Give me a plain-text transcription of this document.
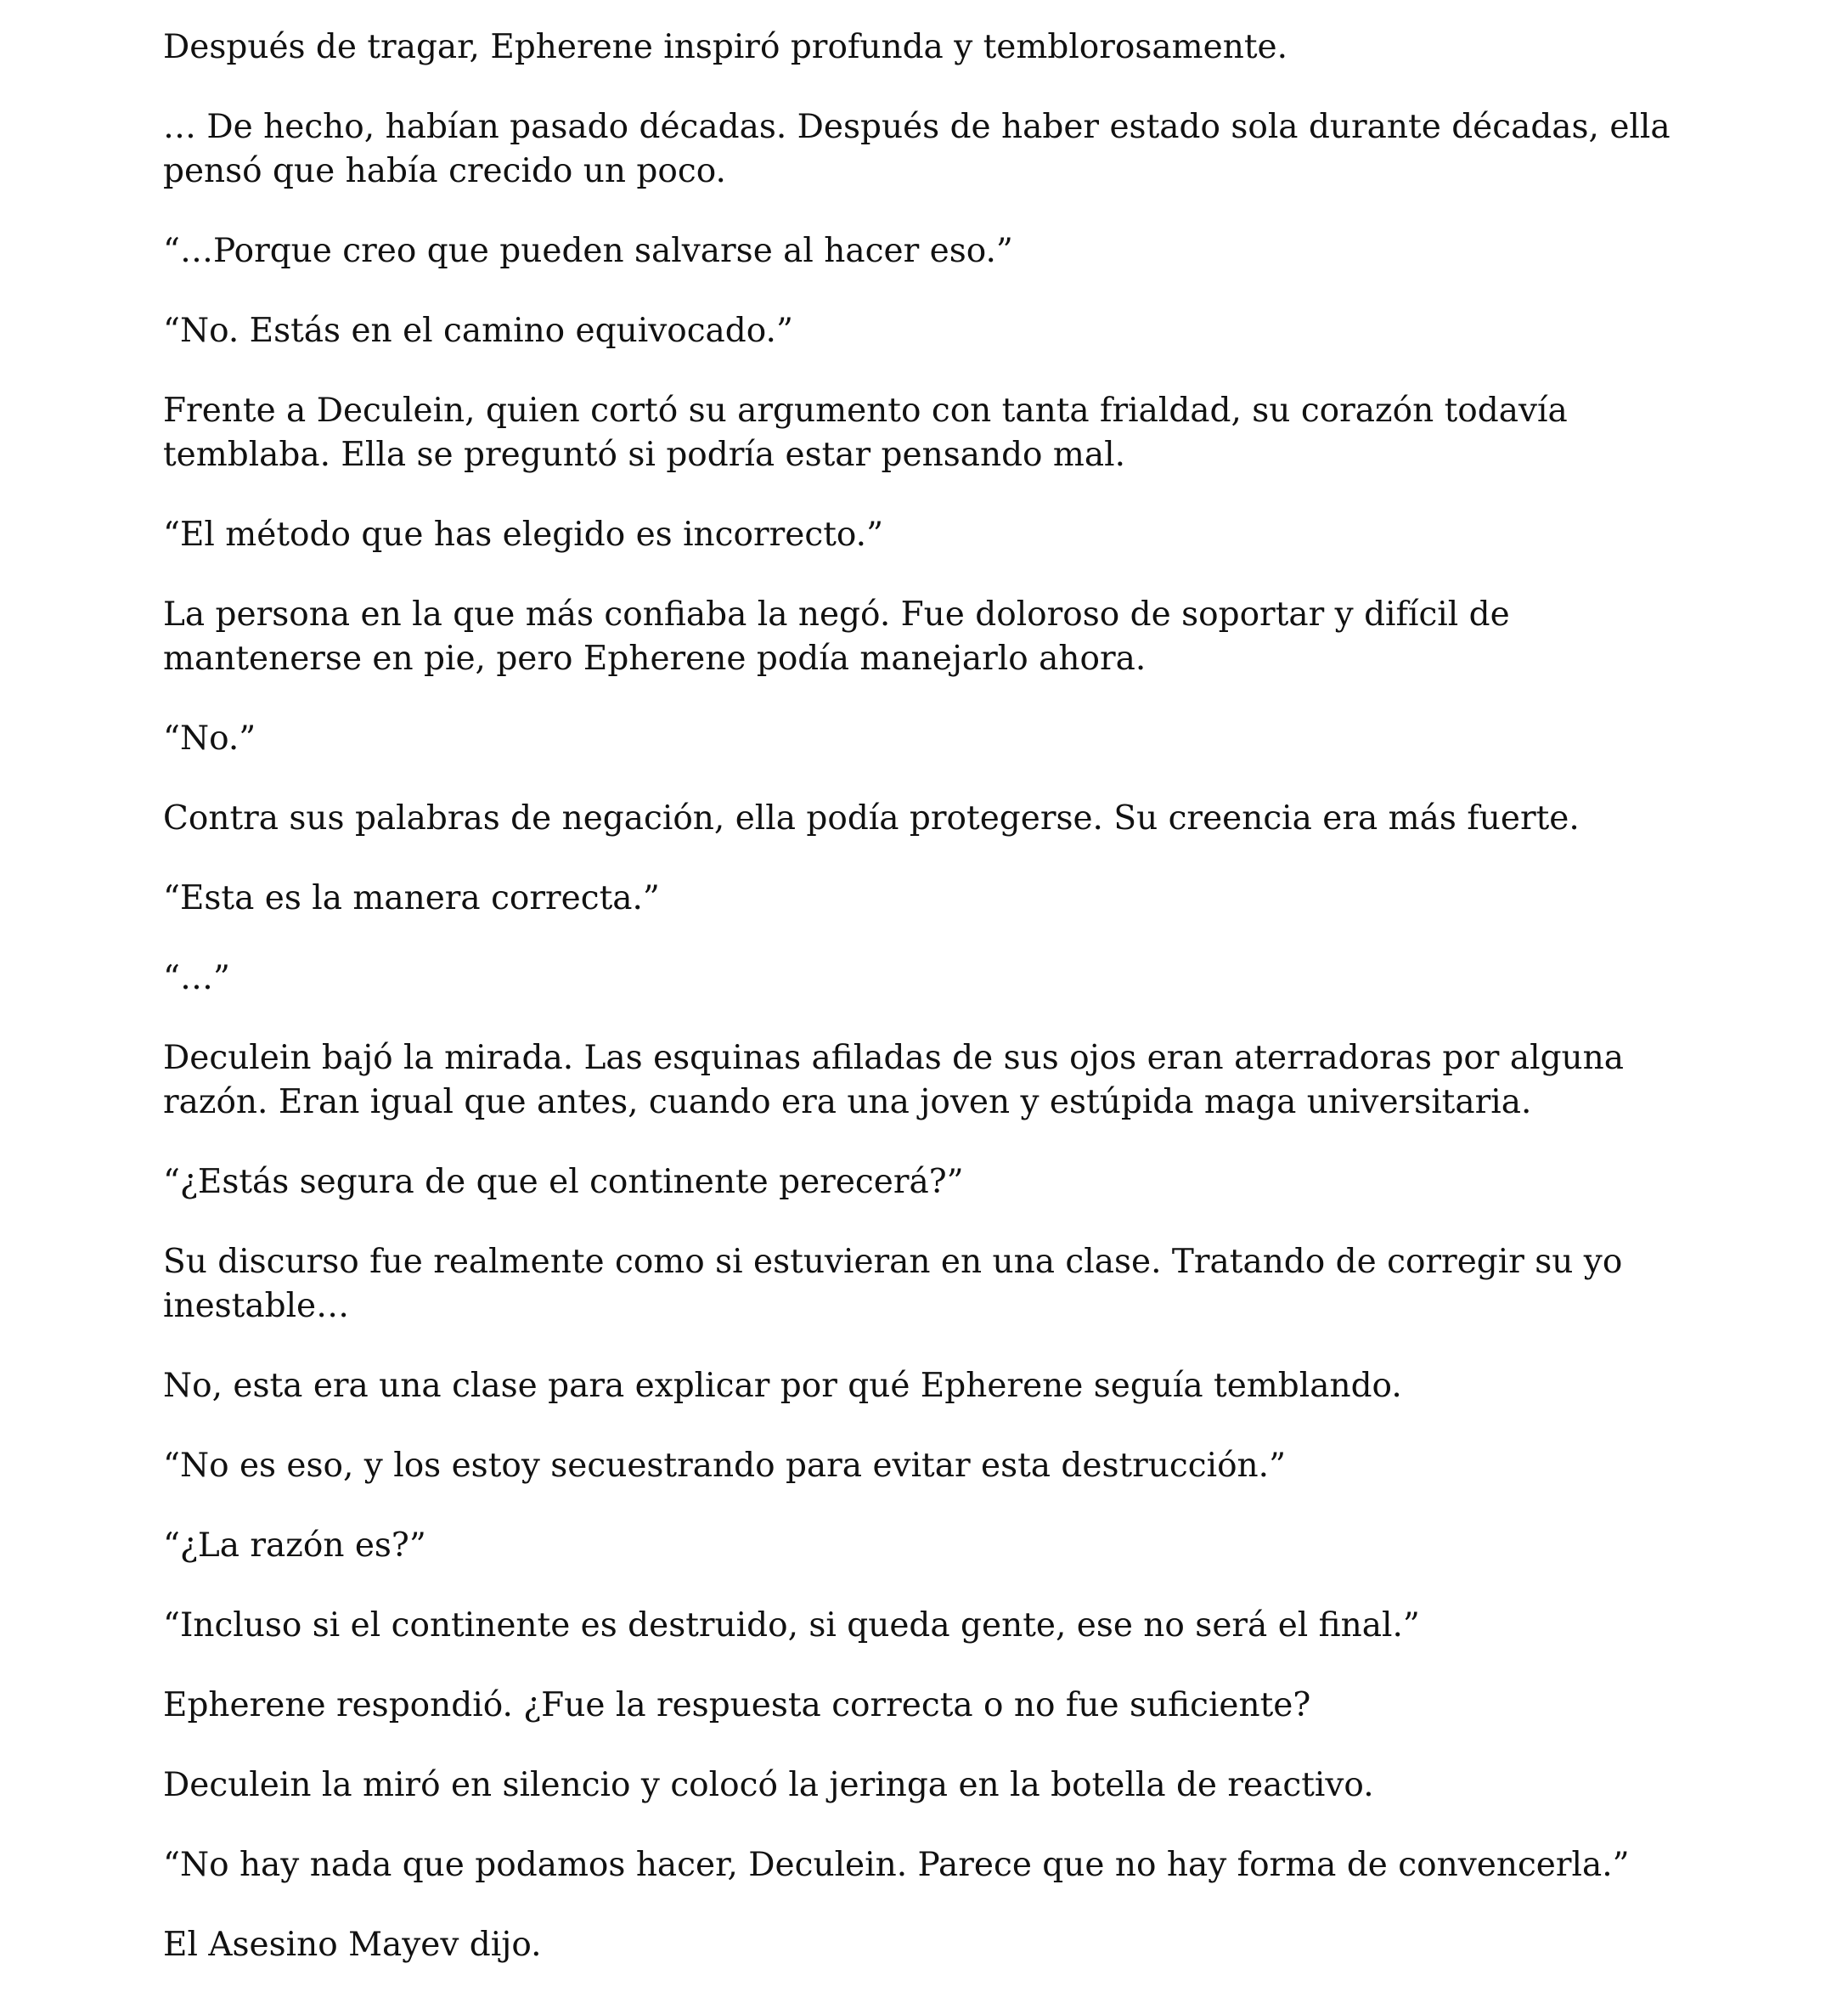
Después de tragar, Epherene inspiró profunda y temblorosamente.

… De hecho, habían pasado décadas. Después de haber estado sola durante décadas, ella pensó que había crecido un poco.

“…Porque creo que pueden salvarse al hacer eso.”

“No. Estás en el camino equivocado.”

Frente a Deculein, quien cortó su argumento con tanta frialdad, su corazón todavía temblaba. Ella se preguntó si podría estar pensando mal.

“El método que has elegido es incorrecto.”

La persona en la que más confiaba la negó. Fue doloroso de soportar y difícil de mantenerse en pie, pero Epherene podía manejarlo ahora.

“No.”

Contra sus palabras de negación, ella podía protegerse. Su creencia era más fuerte.

“Esta es la manera correcta.”

“…”

Deculein bajó la mirada. Las esquinas afiladas de sus ojos eran aterradoras por alguna razón. Eran igual que antes, cuando era una joven y estúpida maga universitaria.

“¿Estás segura de que el continente perecerá?”

Su discurso fue realmente como si estuvieran en una clase. Tratando de corregir su yo inestable…

No, esta era una clase para explicar por qué Epherene seguía temblando.

“No es eso, y los estoy secuestrando para evitar esta destrucción.”

“¿La razón es?”

“Incluso si el continente es destruido, si queda gente, ese no será el final.”

Epherene respondió. ¿Fue la respuesta correcta o no fue suficiente?

Deculein la miró en silencio y colocó la jeringa en la botella de reactivo.

“No hay nada que podamos hacer, Deculein. Parece que no hay forma de convencerla.”

El Asesino Mayev dijo.
